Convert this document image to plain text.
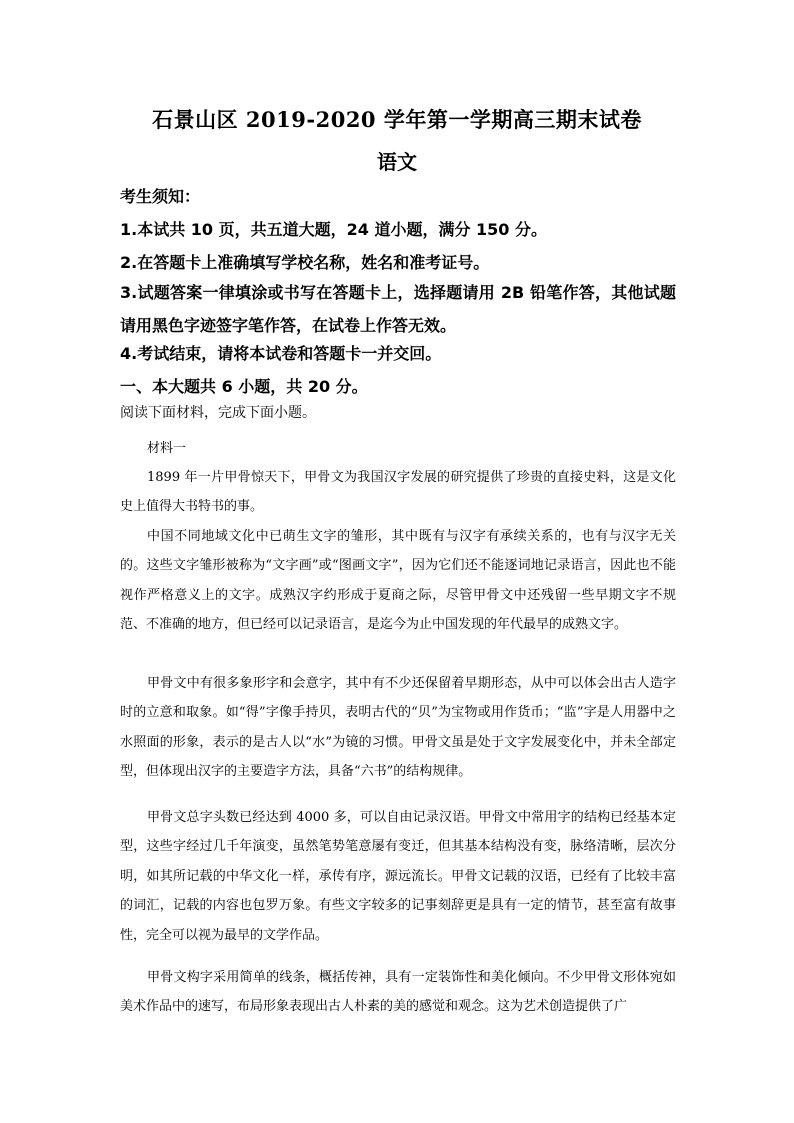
石景山区 2019-2020 学年第一学期高三期末试卷
语文
考生须知：
1.本试共 10 页，共五道大题，24 道小题，满分 150 分。
2.在答题卡上准确填写学校名称，姓名和准考证号。
3.试题答案一律填涂或书写在答题卡上，选择题请用 2B 铅笔作答，其他试题请用黑色字迹签字笔作答，在试卷上作答无效。
4.考试结束，请将本试卷和答题卡一并交回。
一、本大题共 6 小题，共 20 分。
阅读下面材料，完成下面小题。
材料一

1899 年一片甲骨惊天下，甲骨文为我国汉字发展的研究提供了珍贵的直接史料，这是文化史上值得大书特书的事。

中国不同地域文化中已萌生文字的雏形，其中既有与汉字有承续关系的，也有与汉字无关的。这些文字雏形被称为“文字画”或“图画文字”，因为它们还不能逐词地记录语言，因此也不能视作严格意义上的文字。成熟汉字约形成于夏商之际，尽管甲骨文中还残留一些早期文字不规范、不准确的地方，但已经可以记录语言，是迄今为止中国发现的年代最早的成熟文字。

甲骨文中有很多象形字和会意字，其中有不少还保留着早期形态，从中可以体会出古人造字时的立意和取象。如“得”字像手持贝，表明古代的“贝”为宝物或用作货币；“监”字是人用器中之水照面的形象，表示的是古人以“水”为镜的习惯。甲骨文虽是处于文字发展变化中，并未全部定型，但体现出汉字的主要造字方法，具备“六书”的结构规律。

甲骨文总字头数已经达到 4000 多，可以自由记录汉语。甲骨文中常用字的结构已经基本定型，这些字经过几千年演变，虽然笔势笔意屡有变迁，但其基本结构没有变，脉络清晰，层次分明，如其所记载的中华文化一样，承传有序，源远流长。甲骨文记载的汉语，已经有了比较丰富的词汇，记载的内容也包罗万象。有些文字较多的记事刻辞更是具有一定的情节，甚至富有故事性，完全可以视为最早的文学作品。

甲骨文构字采用简单的线条，概括传神，具有一定装饰性和美化倾向。不少甲骨文形体宛如美术作品中的速写，布局形象表现出古人朴素的美的感觉和观念。这为艺术创造提供了广
